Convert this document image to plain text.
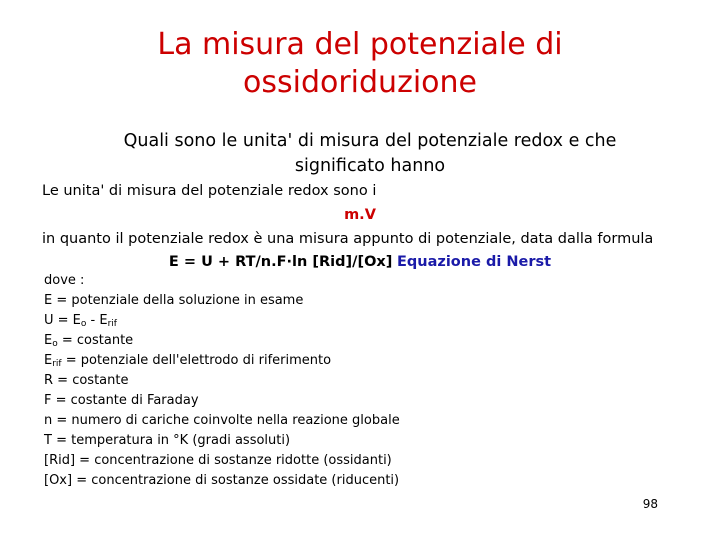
La misura del potenziale di
ossidoriduzione
Quali sono le unita' di misura del potenziale redox e che
significato hanno
Le unita' di misura del potenziale redox sono i
m.V
in quanto il potenziale redox è una misura appunto di potenziale, data dalla formula
E = U + RT/n.F·ln [Rid]/[Ox] Equazione di Nerst
dove :
E = potenziale della soluzione in esame
$U = E_o - E_{rif}$
$E_o$ = costante
$E_{rif}$ = potenziale dell'elettrodo di riferimento
R = costante
F = costante di Faraday
n = numero di cariche coinvolte nella reazione globale
T = temperatura in °K (gradi assoluti)
[Rid] = concentrazione di sostanze ridotte (ossidanti)
[Ox] = concentrazione di sostanze ossidate (riducenti)
98
